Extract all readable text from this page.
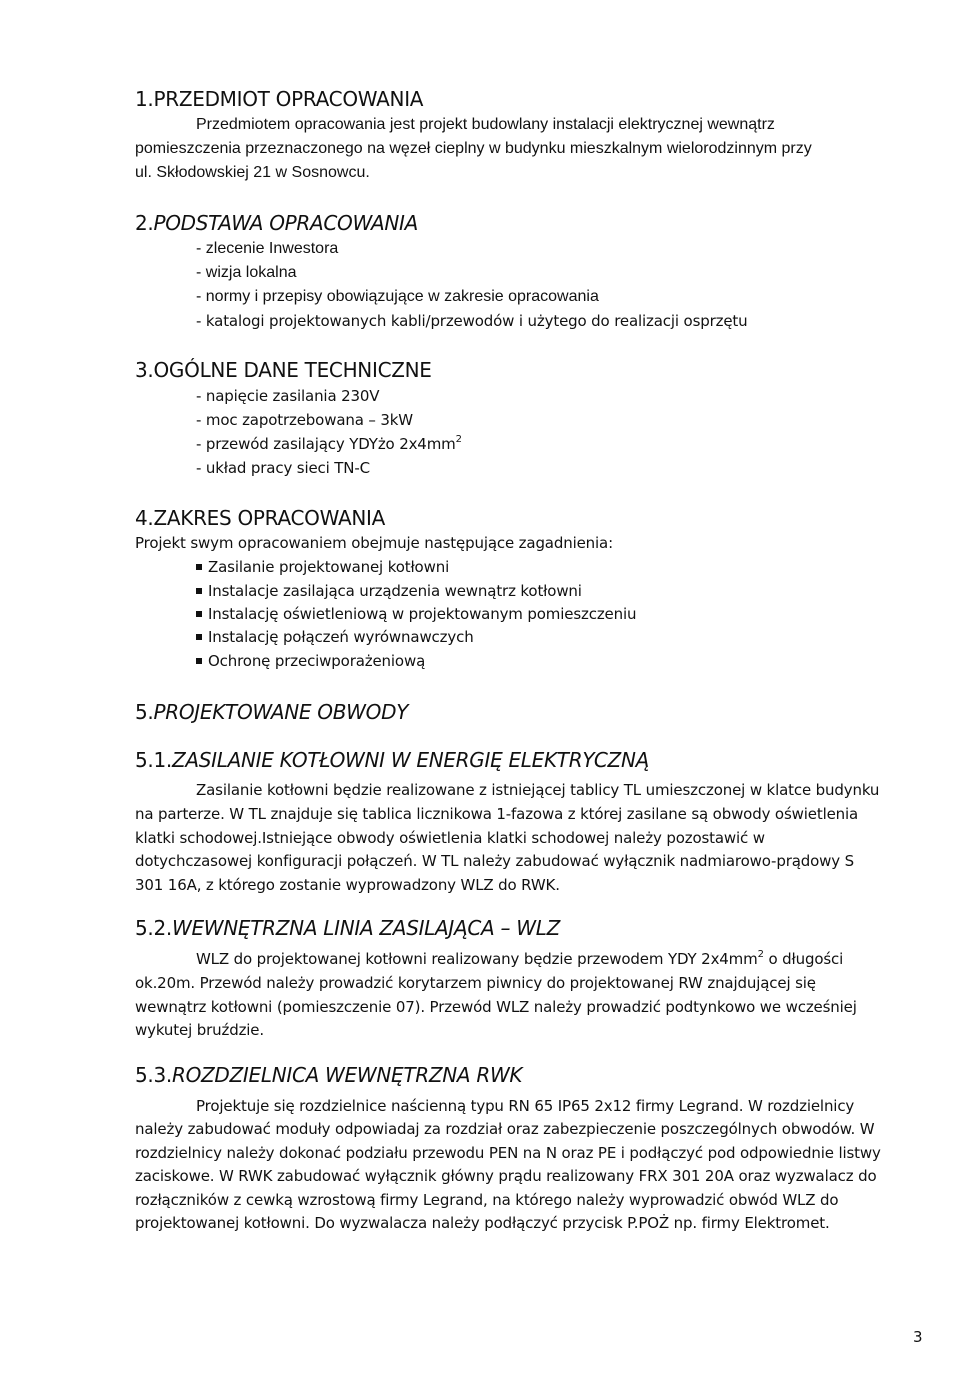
1.PRZEDMIOT OPRACOWANIA
Przedmiotem opracowania jest projekt budowlany instalacji elektrycznej wewnątrz
pomieszczenia przeznaczonego na węzeł cieplny w budynku mieszkalnym wielorodzinnym przy
ul. Skłodowskiej 21 w Sosnowcu.
2.PODSTAWA OPRACOWANIA
- zlecenie Inwestora
- wizja lokalna
- normy i przepisy obowiązujące w zakresie opracowania
- katalogi projektowanych kabli/przewodów i użytego do realizacji osprzętu
3.OGÓLNE DANE TECHNICZNE
- napięcie zasilania 230V
- moc zapotrzebowana – 3kW
- przewód zasilający YDYżo $2x4mm^2$
- układ pracy sieci TN-C
4.ZAKRES OPRACOWANIA
Projekt swym opracowaniem obejmuje następujące zagadnienia:
Zasilanie projektowanej kotłowni
Instalacje zasilająca urządzenia wewnątrz kotłowni
Instalację oświetleniową w projektowanym pomieszczeniu
Instalację połączeń wyrównawczych
Ochronę przeciwporażeniową
5.PROJEKTOWANE OBWODY
5.1.ZASILANIE KOTŁOWNI W ENERGIĘ ELEKTRYCZNĄ
Zasilanie kotłowni będzie realizowane z istniejącej tablicy TL umieszczonej w klatce budynku
na parterze. W TL znajduje się tablica licznikowa 1-fazowa z której zasilane są obwody oświetlenia
klatki schodowej.Istniejące obwody oświetlenia klatki schodowej należy pozostawić w
dotychczasowej konfiguracji połączeń. W TL należy zabudować wyłącznik nadmiarowo-prądowy S
301 16A, z którego zostanie wyprowadzony WLZ do RWK.
5.2.WEWNĘTRZNA LINIA ZASILAJĄCA – WLZ
WLZ do projektowanej kotłowni realizowany będzie przewodem YDY $2x4mm^2$ o długości
ok.20m. Przewód należy prowadzić korytarzem piwnicy do projektowanej RW znajdującej się
wewnątrz kotłowni (pomieszczenie 07). Przewód WLZ należy prowadzić podtynkowo we wcześniej
wykutej bruździe.
5.3.ROZDZIELNICA WEWNĘTRZNA RWK
Projektuje się rozdzielnice naścienną typu RN 65 IP65 2x12 firmy Legrand. W rozdzielnicy
należy zabudować moduły odpowiadaj za rozdział oraz zabezpieczenie poszczególnych obwodów. W
rozdzielnicy należy dokonać podziału przewodu PEN na N oraz PE i podłączyć pod odpowiednie listwy
zaciskowe. W RWK zabudować wyłącznik główny prądu realizowany FRX 301 20A oraz wyzwalacz do
rozłączników z cewką wzrostową firmy Legrand, na którego należy wyprowadzić obwód WLZ do
projektowanej kotłowni. Do wyzwalacza należy podłączyć przycisk P.POŻ np. firmy Elektromet.
3
